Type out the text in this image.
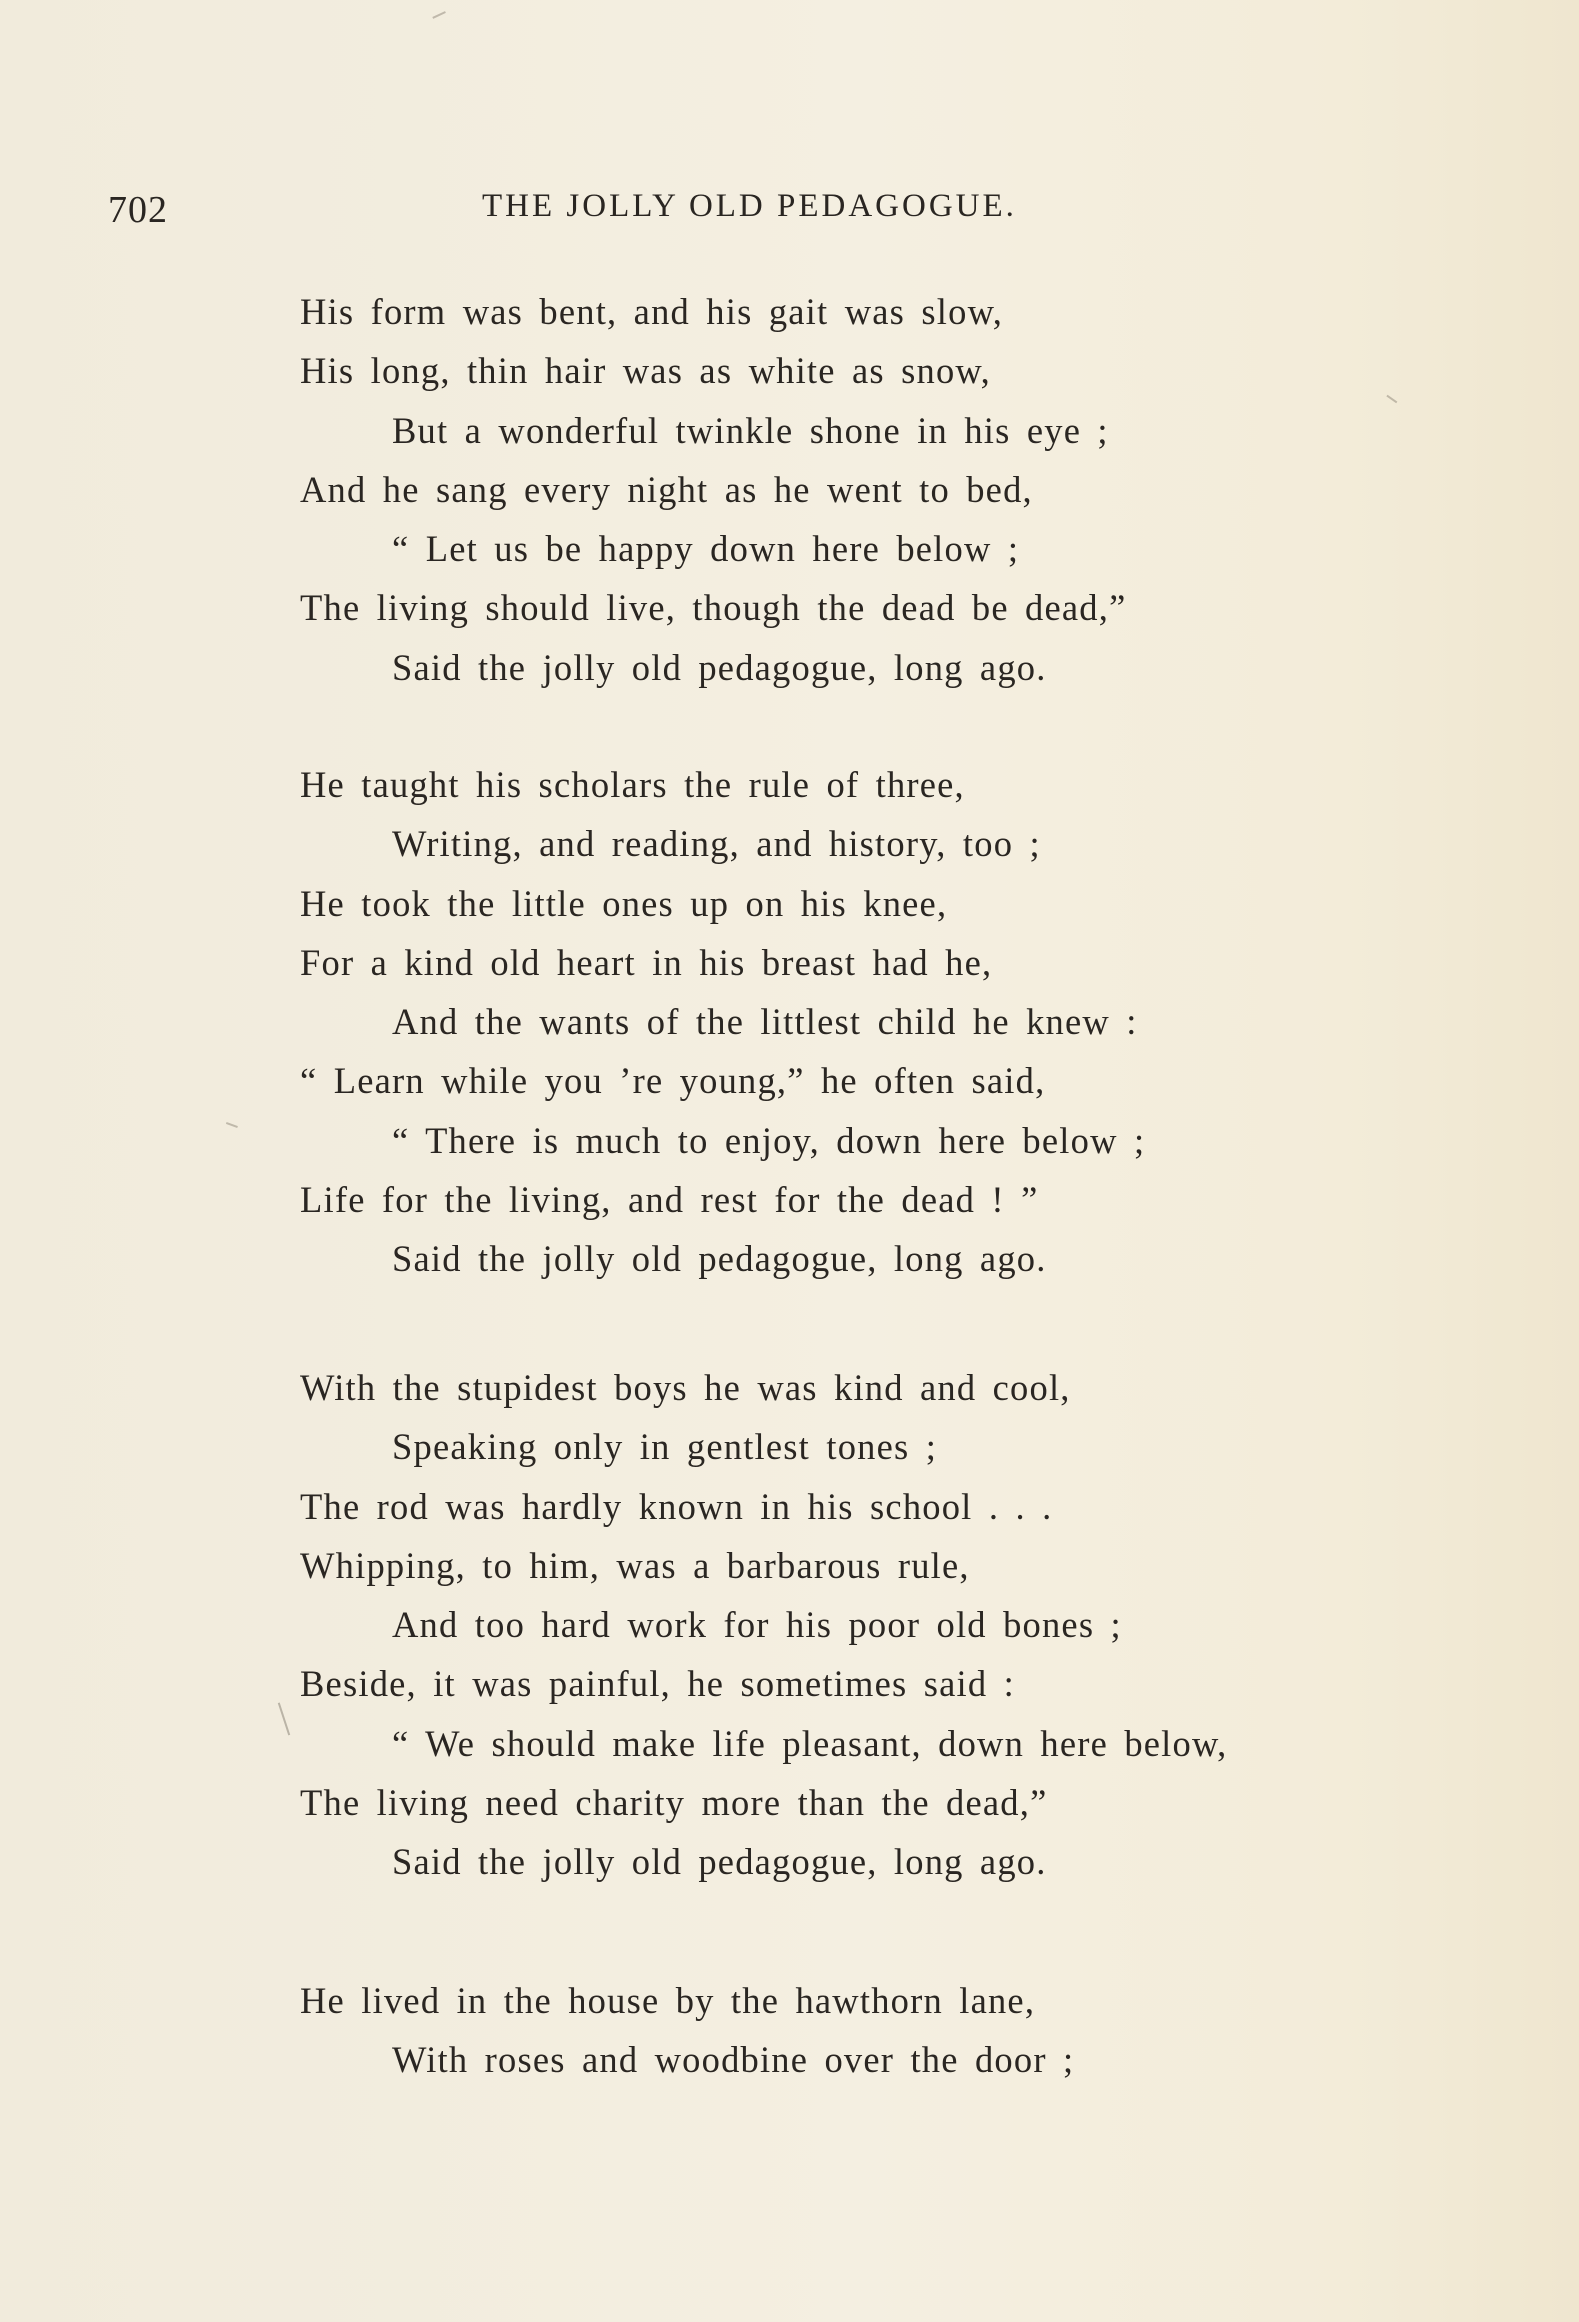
702	THE JOLLY OLD PEDAGOGUE.
His form was bent, and his gait was slow,
His long, thin hair was as white as snow,
But a wonderful twinkle shone in his eye ;
And he sang every night as he went to bed,
“ Let us be happy down here below ;
The living should live, though the dead be dead,”
Said the jolly old pedagogue, long ago.
He taught his scholars the rule of three,
Writing, and reading, and history, too ;
He took the little ones up on his knee,
For a kind old heart in his breast had he,
And the wants of the littlest child he knew :
“ Learn while you ’re young,” he often said,
“ There is much to enjoy, down here below ;
Life for the living, and rest for the dead ! ”
Said the jolly old pedagogue, long ago.
With the stupidest boys he was kind and cool,
Speaking only in gentlest tones ;
The rod was hardly known in his school . . .
Whipping, to him, was a barbarous rule,
And too hard work for his poor old bones ;
Beside, it was painful, he sometimes said :
“ We should make life pleasant, down here below,
The living need charity more than the dead,”
Said the jolly old pedagogue, long ago.
He lived in the house by the hawthorn lane,
With roses and woodbine over the door ;
